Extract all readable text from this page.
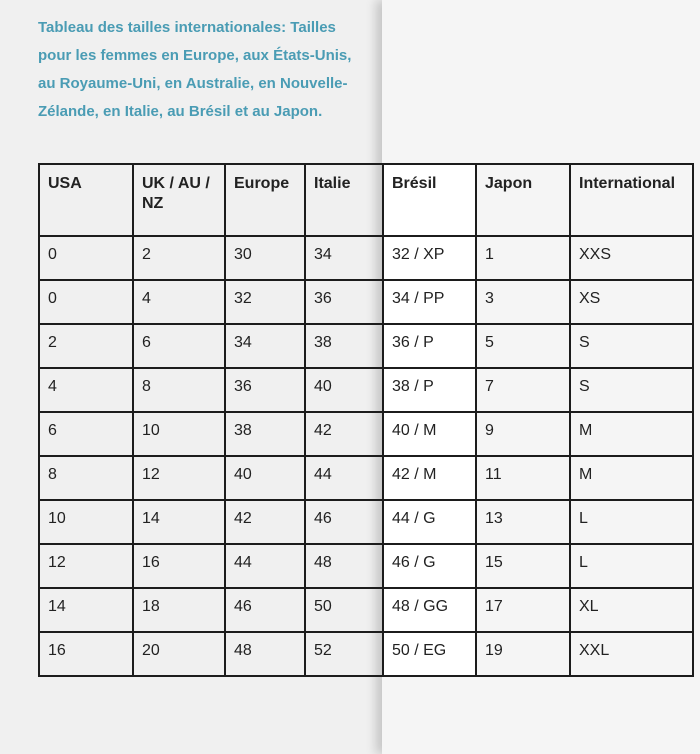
Tableau des tailles internationales: Tailles pour les femmes en Europe, aux États-Unis, au Royaume-Uni, en Australie, en Nouvelle-Zélande, en Italie, au Brésil et au Japon.

USA	UK / AU / NZ	Europe	Italie	Brésil	Japon	International
0	2	30	34	32 / XP	1	XXS
0	4	32	36	34 / PP	3	XS
2	6	34	38	36 / P	5	S
4	8	36	40	38 / P	7	S
6	10	38	42	40 / M	9	M
8	12	40	44	42 / M	11	M
10	14	42	46	44 / G	13	L
12	16	44	48	46 / G	15	L
14	18	46	50	48 / GG	17	XL
16	20	48	52	50 / EG	19	XXL
